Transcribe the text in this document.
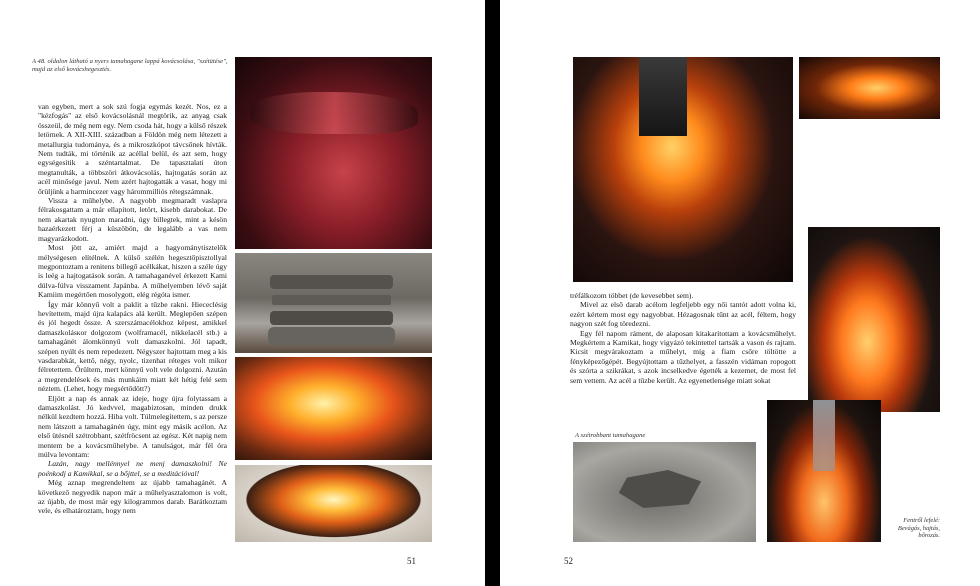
A 48. oldalon látható a nyers tamahagane lappá kovácsolása, "szétütése", majd az első kovácshegesztés.

van egyben, mert a sok szú fogja egymás kezét. Nos, ez a "kézfogás" az első kovácsolásnál megtörik, az anyag csak összeül, de még nem egy. Nem csoda hát, hogy a külső részek letörnek. A XII-XIII. században a Földön még nem létezett a metallurgia tudománya, és a mikroszkópot távcsőnek hívták. Nem tudták, mi történik az acéllal belül, és azt sem, hogy egységesítik a széntartalmat. De tapasztalati úton megtanulták, a többszöri átkovácsolás, hajtogatás során az acél minősége javul. Nem azért hajtogatták a vasat, hogy mi őrüljünk a harmincezer vagy hárommilliós rétegszámnak.

Vissza a műhelybe. A nagyobb megmaradt vaslapra félrakosgattam a már ellapított, letört, kisebb darabokat. De nem akartak nyugton maradni, úgy billegtek, mint a késön hazaérkezett férj a küszöbön, de legalább a vas nem magyarázkodott.

Most jött az, amiért majd a hagyománytisztelők mélységesen elítélnek. A külső szélén hegesztőpisztollyal megpontoztam a renitens billegő acélkákat, hiszen a széle úgy is leég a hajtogatások során. A tamahaganével érkezett Kami dúlva-fúlva visszament Japánba. A műhelyemben lévő saját Kamiim megértően mosolygott, elég régóta ismer.

Így már könnyű volt a paklit a tűzbe rakni. Hiececlésig hevítettem, majd újra kalapács alá került. Meglepően szépen és jól hegedt össze. A szerszámacélokhoz képest, amikkel damaszkolásкor dolgozom (wolframacél, nikkelacél stb.) a tamahagánét álomkönnyű volt damaszkolni. Jól tapadt, szépen nyúlt és nem repedezett. Négyszer hajtottam meg a kis vasdarabkát, kettő, négy, nyolc, tizenhat réteges volt mikor félretettem. Őrültem, mert könnyű volt vele dolgozni. Azután a megrendelések és más munkáim miatt két hétig felé sem néztem. (Lehet, hogy megsértődött?)

Eljött a nap és annak az ideje, hogy újra folytassam a damaszkolást. Jó kedvvel, magabiztosan, minden drukk nélkül kezdtem hozzá. Hiba volt. Túlmelegítettem, s az persze nem látszott a tamahagánén úgy, mint egy másik acélon. Az első ütésnél szétrobbant, szétfröcsent az egész. Két napig nem mentem be a kovácsműhelybe. A tanulságot, már fél óra múlva levontam:

Lazán, nagy mellénnyel ne menj damaszkolni! Ne poénkodj a Kamikkal, se a bőjttel, se a meditációval!

Még aznap megrendeltem az újabb tamahagánét. A következő negyedik napon már a műhelyasztalomon is volt, az újabb, de most már egy kilogrammos darab. Barátkoztam vele, és elhatároztam, hogy nem

51	52

tréfálkozom többet (de kevesebbet sem).

Mivel az első darab acélom legfeljebb egy női tantót adott volna ki, ezért kértem most egy nagyobbat. Hézagosnak tűnt az acél, féltem, hogy nagyon szét fog töredezni.

Egy fél napom ráment, de alaposan kitakarítottam a kovácsműhelyt. Megkértem a Kamikat, hogy vigyázó tekintettel tartsák a vason és rajtam. Kicsit megvárakoztam a műhelyt, míg a fiam csőre töltötte a fényképezőgépét. Begyújtottam a tűzhelyet, a fasszén vidáman ropogott és szórta a szikrákat, s azok incselkedve égették a kezemet, de most fel sem vettem. Az acél a tűzbe került. Az egyenetlensége miatt sokat

A szétrobbant tamahagane
Fentről lefelé: Bevágás, hajtás, bőrozás.
